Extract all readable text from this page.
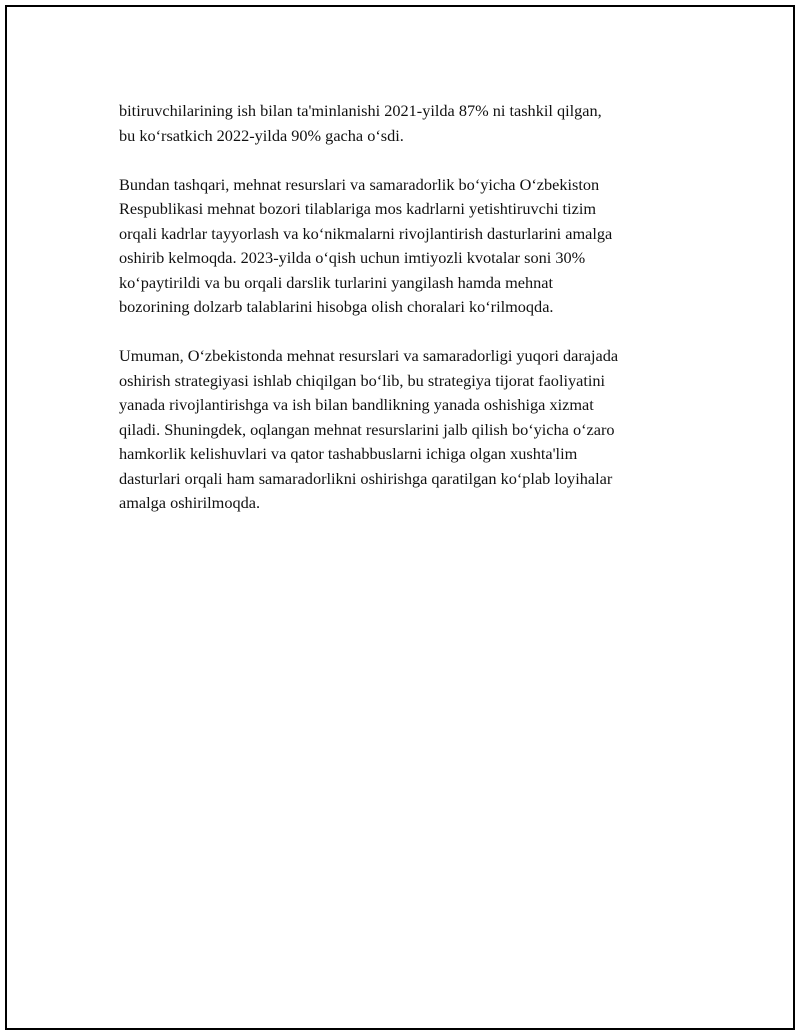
bitiruvchilarining ish bilan ta'minlanishi 2021-yilda 87% ni tashkil qilgan,
bu ko‘rsatkich 2022-yilda 90% gacha o‘sdi.

Bundan tashqari, mehnat resurslari va samaradorlik bo‘yicha O‘zbekiston
Respublikasi mehnat bozori tilablariga mos kadrlarni yetishtiruvchi tizim
orqali kadrlar tayyorlash va ko‘nikmalarni rivojlantirish dasturlarini amalga
oshirib kelmoqda. 2023-yilda o‘qish uchun imtiyozli kvotalar soni 30%
ko‘paytirildi va bu orqali darslik turlarini yangilash hamda mehnat
bozorining dolzarb talablarini hisobga olish choralari ko‘rilmoqda.

Umuman, O‘zbekistonda mehnat resurslari va samaradorligi yuqori darajada
oshirish strategiyasi ishlab chiqilgan bo‘lib, bu strategiya tijorat faoliyatini
yanada rivojlantirishga va ish bilan bandlikning yanada oshishiga xizmat
qiladi. Shuningdek, oqlangan mehnat resurslarini jalb qilish bo‘yicha o‘zaro
hamkorlik kelishuvlari va qator tashabbuslarni ichiga olgan xushta'lim
dasturlari orqali ham samaradorlikni oshirishga qaratilgan ko‘plab loyihalar
amalga oshirilmoqda.
